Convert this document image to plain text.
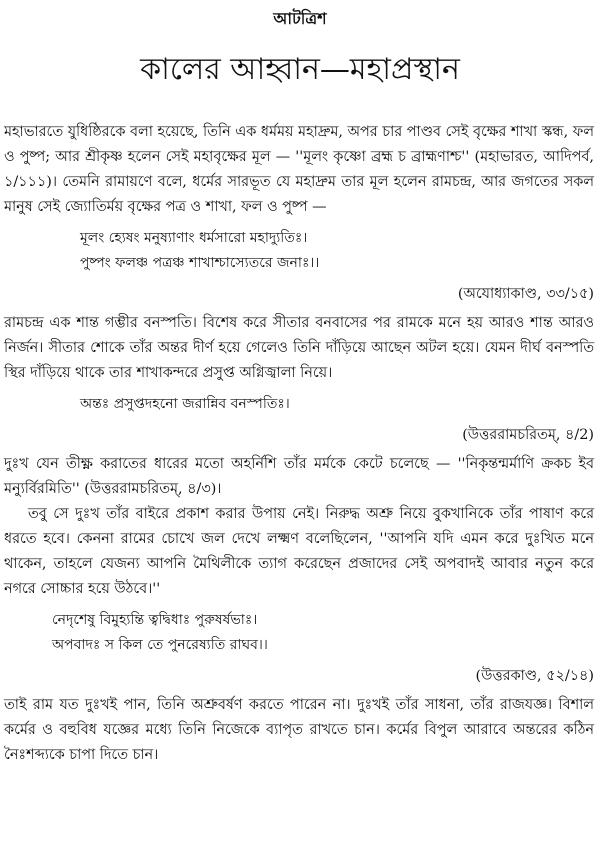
আটত্রিশ
কালের আহ্বান—মহাপ্রস্থান

মহাভারতে যুধিষ্ঠিরকে বলা হয়েছে, তিনি এক ধর্মময় মহাদ্রুম, অপর চার পাণ্ডব সেই বৃক্ষের শাখা স্কন্ধ, ফল ও পুষ্প; আর শ্রীকৃষ্ণ হলেন সেই মহাবৃক্ষের মূল — ''মূলং কৃষ্ণো ব্রহ্ম চ ব্রাহ্মণাশ্চ'' (মহাভারত, আদিপর্ব, ১/১১১)। তেমনি রামায়ণে বলে, ধর্মের সারভূত যে মহাদ্রুম তার মূল হলেন রামচন্দ্র, আর জগতের সকল মানুষ সেই জ্যোতির্ময় বৃক্ষের পত্র ও শাখা, ফল ও পুষ্প —

মূলং হ্যেষং মনুষ্যাণাং ধর্মসারো মহাদ্যুতিঃ।
পুষ্পং ফলঞ্চ পত্রঞ্চ শাখাশ্চাস্যেতরে জনাঃ।।
(অযোধ্যাকাণ্ড, ৩৩/১৫)

রামচন্দ্র এক শান্ত গম্ভীর বনস্পতি। বিশেষ করে সীতার বনবাসের পর রামকে মনে হয় আরও শান্ত আরও নির্জন। সীতার শোকে তাঁর অন্তর দীর্ণ হয়ে গেলেও তিনি দাঁড়িয়ে আছেন অটল হয়ে। যেমন দীর্ঘ বনস্পতি স্থির দাঁড়িয়ে থাকে তার শাখাকন্দরে প্রসুপ্ত অগ্নিজ্বালা নিয়ে।

অন্তঃ প্রসুপ্তদহনো জরান্নিব বনস্পতিঃ।
(উত্তররামচরিতম্, ৪/2)

দুঃখ যেন তীক্ষ্ণ করাতের ধারের মতো অহর্নিশি তাঁর মর্মকে কেটে চলেছে — ''নিকৃন্তন্মর্মাণি ক্রকচ ইব মন্যুর্বিরমিতি'' (উত্তররামচরিতম্, ৪/৩)।

তবু সে দুঃখ তাঁর বাইরে প্রকাশ করার উপায় নেই। নিরুদ্ধ অশ্রু নিয়ে বুকখানিকে তাঁর পাষাণ করে ধরতে হবে। কেননা রামের চোখে জল দেখে লক্ষ্মণ বলেছিলেন, ''আপনি যদি এমন করে দুঃখিত মনে থাকেন, তাহলে যেজন্য আপনি মৈথিলীকে ত্যাগ করেছেন প্রজাদের সেই অপবাদই আবার নতুন করে নগরে সোচ্চার হয়ে উঠবে।''

নেদৃশেষু বিমুহ্যন্তি ত্বদ্বিধাঃ পুরুষর্ষভাঃ।
অপবাদঃ স কিল তে পুনরেষ্যতি রাঘব।।
(উত্তরকাণ্ড, ৫২/১৪)

তাই রাম যত দুঃখই পান, তিনি অশ্রুবর্ষণ করতে পারেন না। দুঃখই তাঁর সাধনা, তাঁর রাজযজ্ঞ। বিশাল কর্মের ও বহুবিধ যজ্ঞের মধ্যে তিনি নিজেকে ব্যাপৃত রাখতে চান। কর্মের বিপুল আরাবে অন্তরের কঠিন নৈঃশব্দ্যকে চাপা দিতে চান।
